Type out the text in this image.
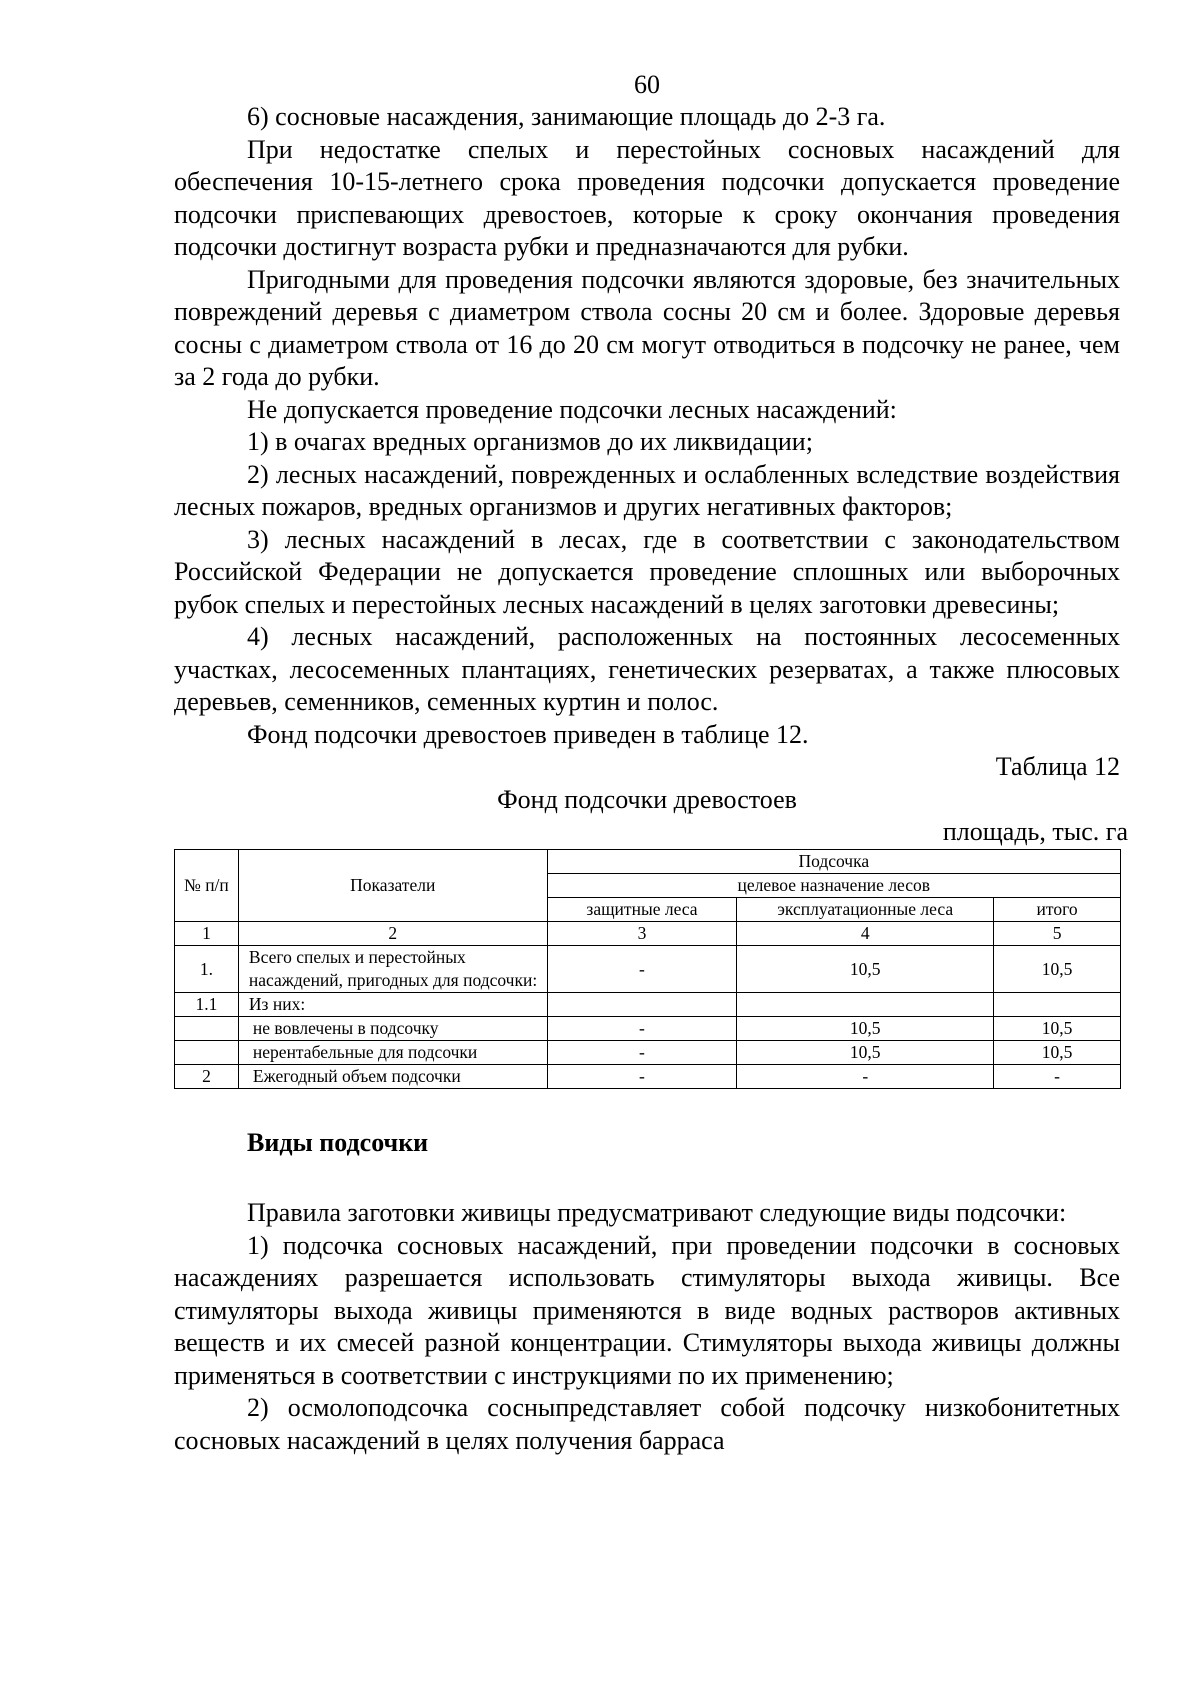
60

6) сосновые насаждения, занимающие площадь до 2-3 га.

При недостатке спелых и перестойных сосновых насаждений для обеспечения 10-15-летнего срока проведения подсочки допускается проведение подсочки приспевающих древостоев, которые к сроку окончания проведения подсочки достигнут возраста рубки и предназначаются для рубки.

Пригодными для проведения подсочки являются здоровые, без значительных повреждений деревья с диаметром ствола сосны 20 см и более. Здоровые деревья сосны с диаметром ствола от 16 до 20 см могут отводиться в подсочку не ранее, чем за 2 года до рубки.

Не допускается проведение подсочки лесных насаждений:

1) в очагах вредных организмов до их ликвидации;

2) лесных насаждений, поврежденных и ослабленных вследствие воздействия лесных пожаров, вредных организмов и других негативных факторов;

3) лесных насаждений в лесах, где в соответствии с законодательством Российской Федерации не допускается проведение сплошных или выборочных рубок спелых и перестойных лесных насаждений в целях заготовки древесины;

4) лесных насаждений, расположенных на постоянных лесосеменных участках, лесосеменных плантациях, генетических резерватах, а также плюсовых деревьев, семенников, семенных куртин и полос.

Фонд подсочки древостоев приведен в таблице 12.

Таблица 12
Фонд подсочки древостоев
площадь, тыс. га
№ п/п	Показатели	Подсочка		
		целевое назначение лесов		
		защитные леса	эксплуатационные леса	итого
1	2	3	4	5
1.	Всего спелых и перестойных насаждений, пригодных для подсочки:	-	10,5	10,5
1.1	Из них:			
	не вовлечены в подсочку	-	10,5	10,5
	нерентабельные для подсочки	-	10,5	10,5
2	Ежегодный объем подсочки	-	-	-
Виды подсочки

Правила заготовки живицы предусматривают следующие виды подсочки:

1) подсочка сосновых насаждений, при проведении подсочки в сосновых насаждениях разрешается использовать стимуляторы выхода живицы. Все стимуляторы выхода живицы применяются в виде водных растворов активных веществ и их смесей разной концентрации. Стимуляторы выхода живицы должны применяться в соответствии с инструкциями по их применению;

2) осмолоподсочка сосныпредставляет собой подсочку низкобонитетных сосновых насаждений в целях получения барраса
